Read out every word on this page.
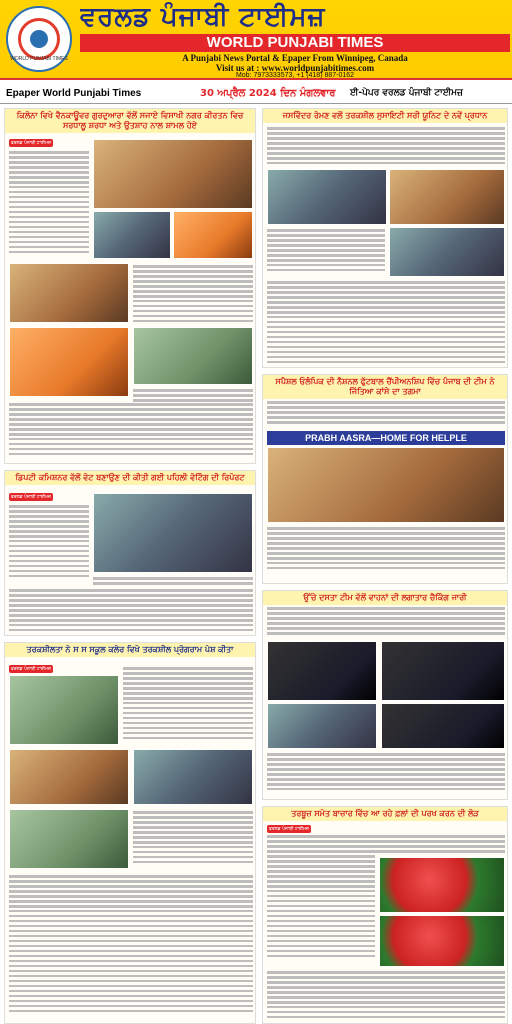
WORLD PUNJABI TIMES
ਵਰਲਡ ਪੰਜਾਬੀ ਟਾਈਮਜ਼
WORLD PUNJABI TIMES
A Punjabi News Portal & Epaper From Winnipeg, Canada
Visit us at : www.worldpunjabitimes.com
Mob: 7973333573, +1 (418) 887-0162
Epaper World Punjabi Times	30 ਅਪ੍ਰੈਲ 2024 ਦਿਨ ਮੰਗਲਵਾਰ ਈ-ਪੇਪਰ ਵਰਲਡ ਪੰਜਾਬੀ ਟਾਈਮਜ਼
ਕਿਲੋਨਾ ਵਿਖੇ ਵੈਨਕਾਊਵਰ ਗੁਰਦੁਆਰਾ ਵੱਲੋਂ ਸਜਾਏ ਵਿਸਾਖੀ ਨਗਰ ਕੀਰਤਨ ਵਿਚ ਸਰਧਾਲੂ ਸ਼ਰਧਾ ਅਤੇ ਉਤਸ਼ਾਹ ਨਾਲ ਸ਼ਾਮਲ ਹੋਏ
ਵਰਲਡ ਪੰਜਾਬੀ ਟਾਈਮਜ਼
ਡਿਪਟੀ ਕਮਿਸ਼ਨਰ ਵੱਲੋਂ ਵੋਟ ਬਣਾਉਣ ਦੀ ਕੀਤੀ ਗਈ ਪਹਿਲੀ ਵੋਟਿੰਗ ਦੀ ਰਿਪੋਰਟ
ਵਰਲਡ ਪੰਜਾਬੀ ਟਾਈਮਜ਼
ਤਰਕਸ਼ੀਲਤਾ ਨੇ ਸ ਸ ਸਕੂਲ ਕਲੇਰ ਵਿਖੇ ਤਰਕਸ਼ੀਲ ਪ੍ਰੋਗਰਾਮ ਪੇਸ਼ ਕੀਤਾ
ਵਰਲਡ ਪੰਜਾਬੀ ਟਾਈਮਜ਼
ਜਸਵਿੰਦਰ ਰੋਮਣ ਵਲੋਂ ਤਰਕਸ਼ੀਲ ਸੁਸਾਇਟੀ ਸਰੀ ਯੂਨਿਟ ਦੇ ਨਵੇਂ ਪ੍ਰਧਾਨ
ਸਪੈਸ਼ਲ ਓਲੰਪਿਕ ਦੀ ਨੈਸ਼ਨਲ ਫੁੱਟਬਾਲ ਚੈਂਪੀਅਨਸ਼ਿਪ ਵਿੱਚ ਪੰਜਾਬ ਦੀ ਟੀਮ ਨੇ ਜਿੱਤਿਆ ਕਾਂਸੇ ਦਾ ਤਗਮਾ
PRABH AASRA—HOME FOR HELPLE
ਉੱਚੇ ਦਸਤਾ ਟੀਮ ਵੱਲੋਂ ਵਾਹਨਾਂ ਦੀ ਲਗਾਤਾਰ ਚੈਕਿੰਗ ਜਾਰੀ
ਤਰਬੂਜ਼ ਸਮੇਤ ਬਾਜ਼ਾਰ ਵਿੱਚ ਆ ਰਹੇ ਫ਼ਲਾਂ ਦੀ ਪਰਖ ਕਰਨ ਦੀ ਲੋੜ
ਵਰਲਡ ਪੰਜਾਬੀ ਟਾਈਮਜ਼
